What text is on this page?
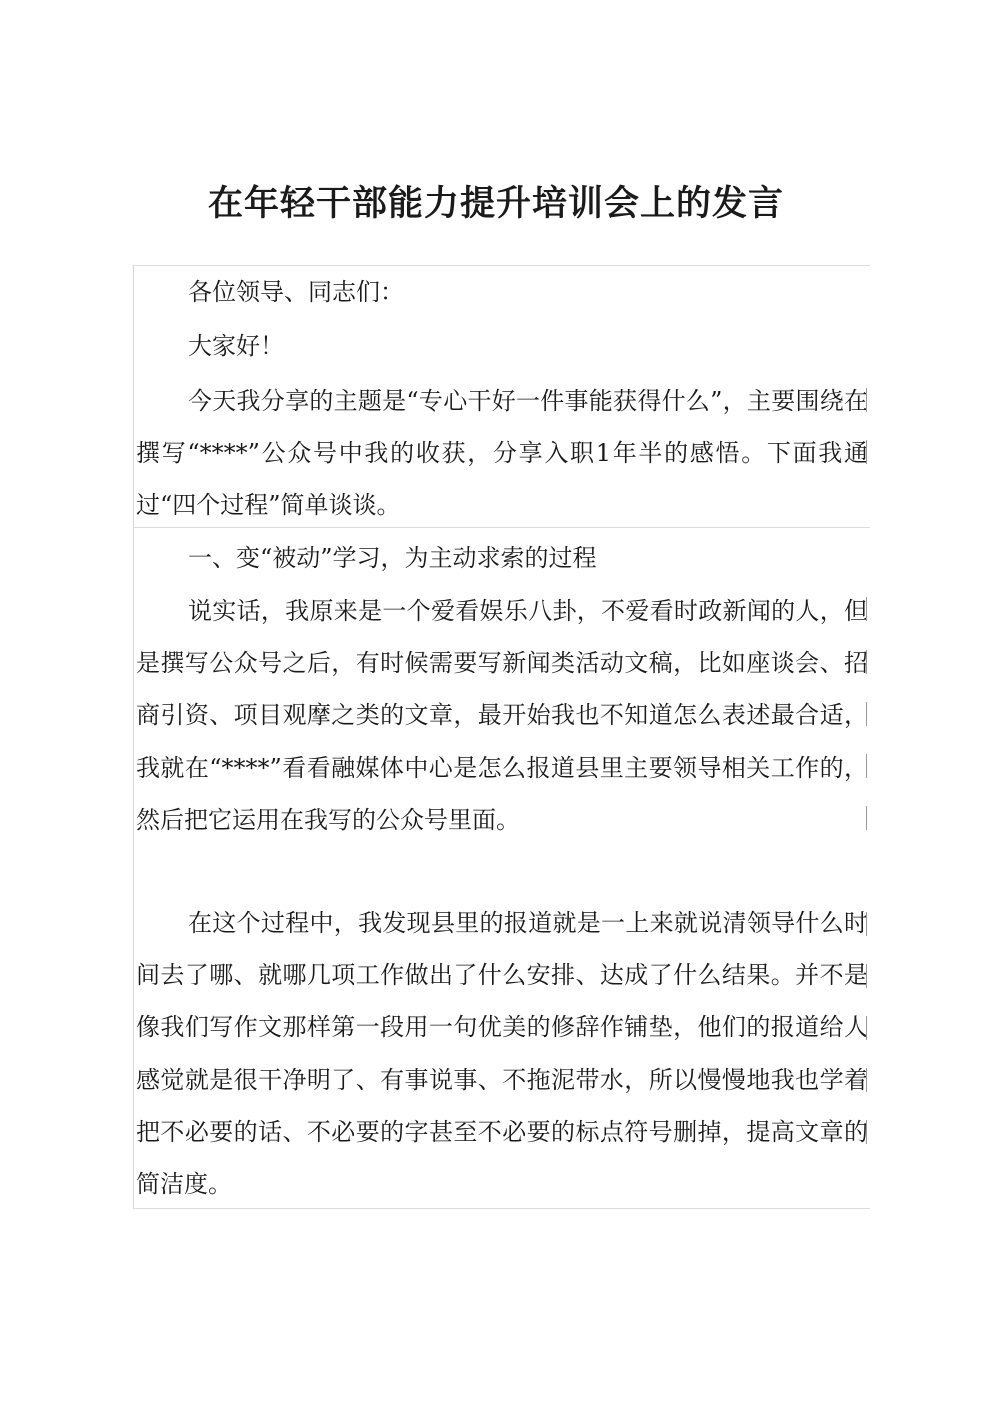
在年轻干部能力提升培训会上的发言

各位领导、同志们：

大家好！

今天我分享的主题是“专心干好一件事能获得什么”，主要围绕在撰写“****”公众号中我的收获，分享入职1年半的感悟。下面我通过“四个过程”简单谈谈。

一、变“被动”学习，为主动求索的过程

说实话，我原来是一个爱看娱乐八卦，不爱看时政新闻的人，但是撰写公众号之后，有时候需要写新闻类活动文稿，比如座谈会、招商引资、项目观摩之类的文章，最开始我也不知道怎么表述最合适，我就在“****”看看融媒体中心是怎么报道县里主要领导相关工作的，然后把它运用在我写的公众号里面。

在这个过程中，我发现县里的报道就是一上来就说清领导什么时间去了哪、就哪几项工作做出了什么安排、达成了什么结果。并不是像我们写作文那样第一段用一句优美的修辞作铺垫，他们的报道给人感觉就是很干净明了、有事说事、不拖泥带水，所以慢慢地我也学着把不必要的话、不必要的字甚至不必要的标点符号删掉，提高文章的简洁度。
